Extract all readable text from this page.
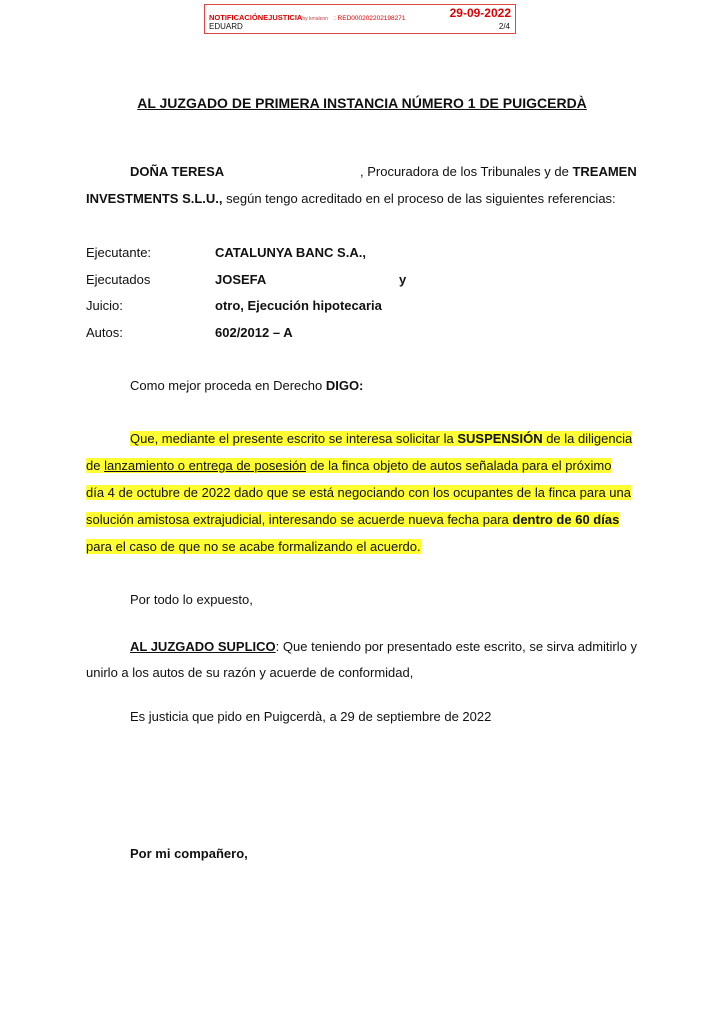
NOTIFICACIÓNEJUSTICIAby kmaleon : RED000202202198271	29-09-2022
EDUARD	2/4
AL JUZGADO DE PRIMERA INSTANCIA NÚMERO 1 DE PUIGCERDÀ
DOÑA TERESA	, Procuradora de los Tribunales y de TREAMEN
INVESTMENTS S.L.U., según tengo acreditado en el proceso de las siguientes referencias:
Ejecutante:	CATALUNYA BANC S.A.,
Ejecutados	JOSEFA	y
Juicio:	otro, Ejecución hipotecaria
Autos:	602/2012 – A
Como mejor proceda en Derecho DIGO:
Que, mediante el presente escrito se interesa solicitar la SUSPENSIÓN de la diligencia
de lanzamiento o entrega de posesión de la finca objeto de autos señalada para el próximo
día 4 de octubre de 2022 dado que se está negociando con los ocupantes de la finca para una
solución amistosa extrajudicial, interesando se acuerde nueva fecha para dentro de 60 días
para el caso de que no se acabe formalizando el acuerdo.
Por todo lo expuesto,
AL JUZGADO SUPLICO: Que teniendo por presentado este escrito, se sirva admitirlo y
unirlo a los autos de su razón y acuerde de conformidad,
Es justicia que pido en Puigcerdà, a 29 de septiembre de 2022
Por mi compañero,
